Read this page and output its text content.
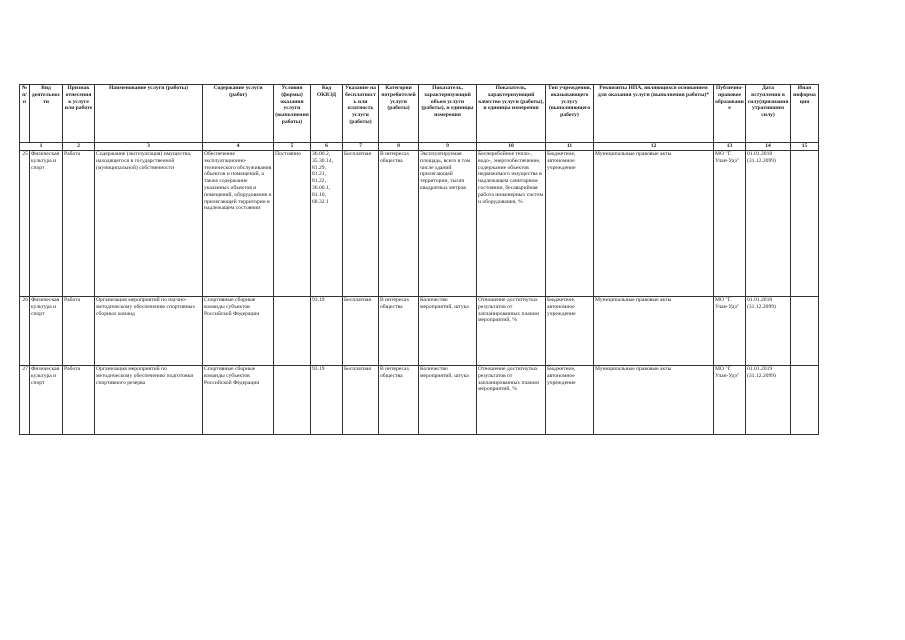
№ п/п	Вид деятельности	Признак отнесения к услуге или работе	Наименование услуги (работы)	Содержание услуги (работ)	Условия (формы) оказания услуги (выполнения работы)	Код ОКВЭД	Указание на бесплатность или платность услуги (работы)	Категории потребителей услуги (работы)	Показатель, характеризующий объем услуги (работы), и единицы измерения	Показатель, характеризующий качество услуги (работы), и единицы измерения	Тип учреждения, оказывающего услугу (выполняющего работу)	Реквизиты НПА, являющихся основанием для оказания услуги (выполнения работы)*	Публично-правовое образование	Дата вступления в силу(признания утратившим силу)	Иная информация
1		2	3	4	5	6	7	8	9	10	11	12	13	14	15
25	Физическая культура и спорт	Работа	Содержание (эксплуатация) имущества, находящегося в государственной (муниципальной) собственности	Обеспечение эксплуатационно-технического обслуживания объектов и помещений, а также содержание указанных объектов и помещений, оборудования и прилегающей территории в надлежащем состоянии	Постоянно	36.00.2, 35.30.14, 81.29, 81.21, 81.22, 36.00.1, 81.10, 68.32.1	Бесплатная	В интересах общества	Эксплуатируемая площадь, всего в том числе зданий прилегающей территории, тысяч квадратных метров	Бесперебойное тепло-, водо-, энергообеспечение, содержание объектов недвижимого имущества в надлежащем санитарном состоянии, бесаварийная работа инженерных систем и оборудования, %	Бюджетное, автономное учреждение	Муниципальные правовые акты	МО "Г. Улан-Удэ"	01.01.2018 (31.12.2099)	
26	Физическая культура и спорт	Работа	Организация мероприятий по научно-методическому обеспечению спортивных сборных команд	Спортивные сборные команды субъектов Российской Федерации		93.19	Бесплатная	В интересах общества	Количество мероприятий, штука	Отношение достигнутых результатов от запланированных планом мероприятий, %	Бюджетное, автономное учреждение	Муниципальные правовые акты	МО "Г. Улан-Удэ"	01.01.2018 (31.12.2099)	
27	Физическая культура и спорт	Работа	Организация мероприятий по методическому обеспечению подготовки спортивного резерва	Спортивные сборные команды субъектов Российской Федерации		93.19	Бесплатная	В интересах общества	Количество мероприятий, штука	Отношение достигнутых результатов от запланированных планом мероприятий, %	Бюджетное, автономное учреждение	Муниципальные правовые акты	МО "Г. Улан-Удэ"	01.01.2019 (31.12.2099)	
